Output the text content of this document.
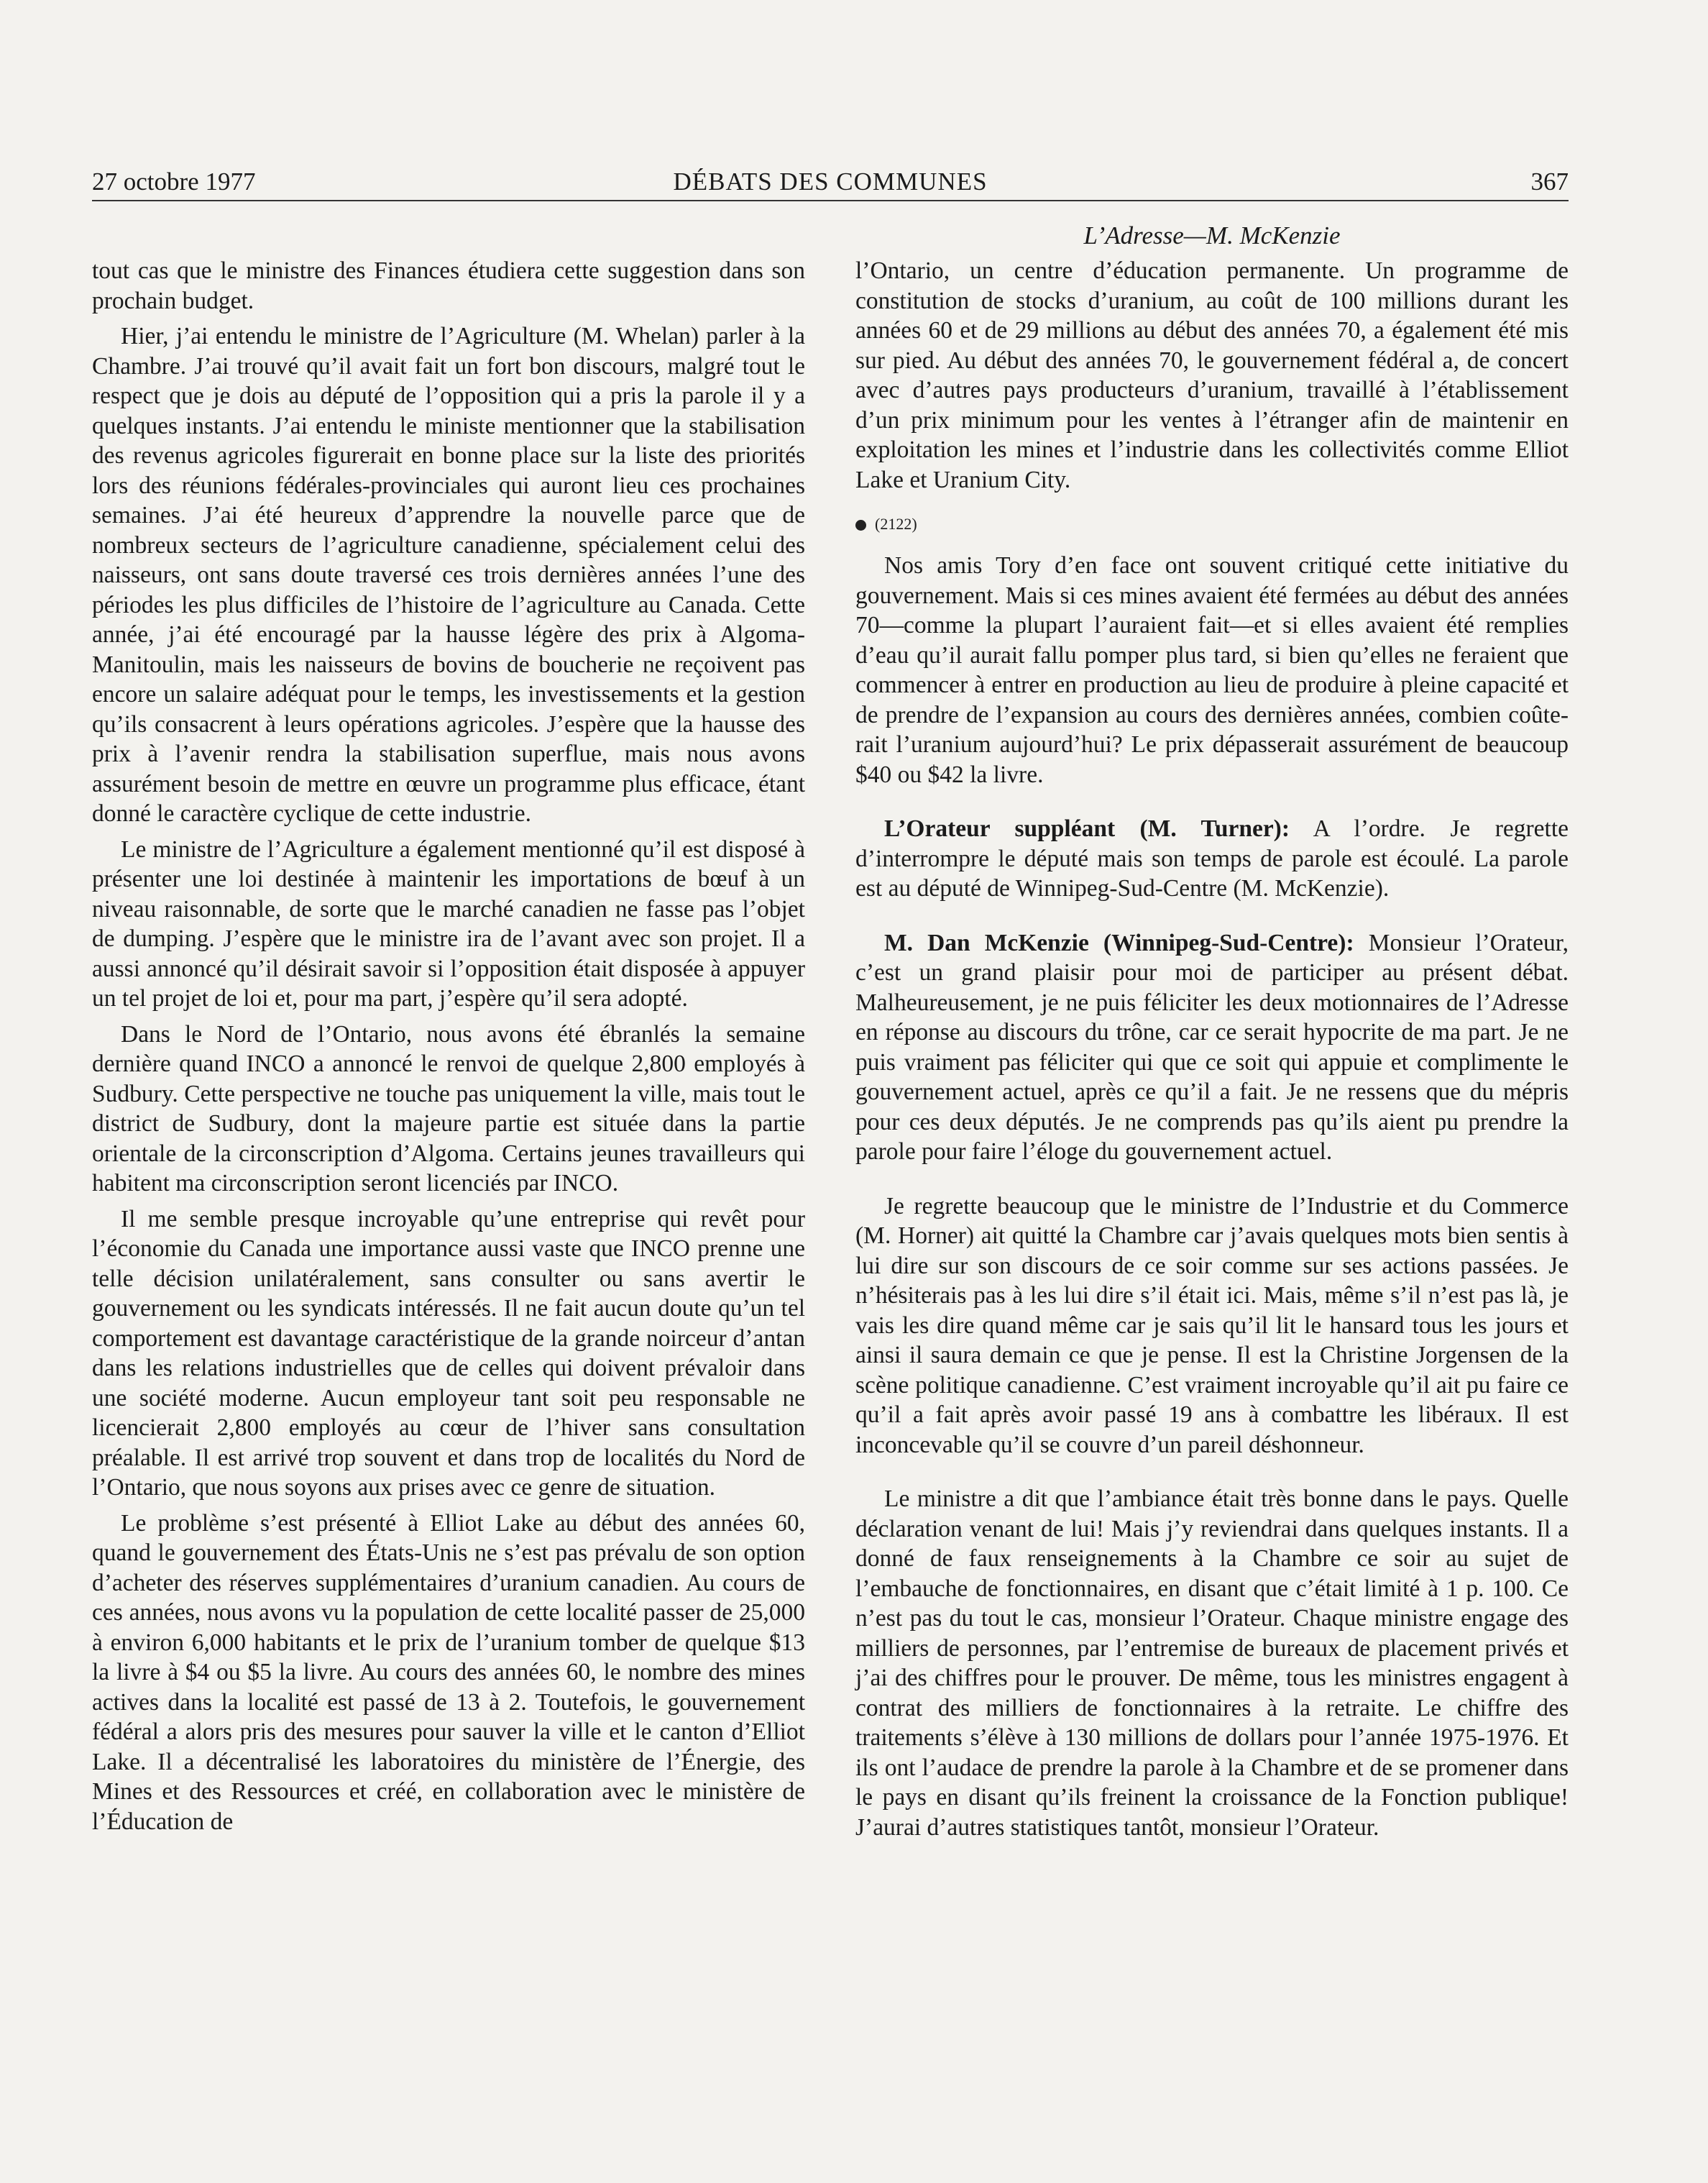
27 octobre 1977	DÉBATS DES COMMUNES	367
L’Adresse—M. McKenzie

tout cas que le ministre des Finances étudiera cette suggestion dans son prochain budget.

Hier, j’ai entendu le ministre de l’Agriculture (M. Whelan) parler à la Chambre. J’ai trouvé qu’il avait fait un fort bon discours, malgré tout le respect que je dois au député de l’opposition qui a pris la parole il y a quelques instants. J’ai entendu le ministe mentionner que la stabilisation des revenus agricoles figurerait en bonne place sur la liste des priorités lors des réunions fédérales-provinciales qui auront lieu ces prochaines semaines. J’ai été heureux d’apprendre la nouvelle parce que de nombreux secteurs de l’agriculture canadienne, spécialement celui des naisseurs, ont sans doute traversé ces trois dernières années l’une des périodes les plus difficiles de l’histoire de l’agriculture au Canada. Cette année, j’ai été encouragé par la hausse légère des prix à Algoma-Manitoulin, mais les naisseurs de bovins de boucherie ne reçoivent pas encore un salaire adéquat pour le temps, les investissements et la gestion qu’ils consacrent à leurs opérations agricoles. J’espère que la hausse des prix à l’avenir rendra la stabilisation superflue, mais nous avons assurément besoin de mettre en œuvre un programme plus efficace, étant donné le caractère cyclique de cette industrie.

Le ministre de l’Agriculture a également mentionné qu’il est disposé à présenter une loi destinée à maintenir les importations de bœuf à un niveau raisonnable, de sorte que le marché canadien ne fasse pas l’objet de dumping. J’espère que le ministre ira de l’avant avec son projet. Il a aussi annoncé qu’il désirait savoir si l’opposition était disposée à appuyer un tel projet de loi et, pour ma part, j’espère qu’il sera adopté.

Dans le Nord de l’Ontario, nous avons été ébranlés la semaine dernière quand INCO a annoncé le renvoi de quelque 2,800 employés à Sudbury. Cette perspective ne touche pas uniquement la ville, mais tout le district de Sudbury, dont la majeure partie est située dans la partie orientale de la circonscription d’Algoma. Certains jeunes travailleurs qui habitent ma circonscription seront licenciés par INCO.

Il me semble presque incroyable qu’une entreprise qui revêt pour l’économie du Canada une importance aussi vaste que INCO prenne une telle décision unilatéralement, sans consulter ou sans avertir le gouvernement ou les syndicats intéressés. Il ne fait aucun doute qu’un tel comportement est davantage caractéristique de la grande noirceur d’antan dans les relations industrielles que de celles qui doivent prévaloir dans une société moderne. Aucun employeur tant soit peu responsable ne licencierait 2,800 employés au cœur de l’hiver sans consultation préalable. Il est arrivé trop souvent et dans trop de localités du Nord de l’Ontario, que nous soyons aux prises avec ce genre de situation.

Le problème s’est présenté à Elliot Lake au début des années 60, quand le gouvernement des États-Unis ne s’est pas prévalu de son option d’acheter des réserves supplémentaires d’uranium canadien. Au cours de ces années, nous avons vu la population de cette localité passer de 25,000 à environ 6,000 habitants et le prix de l’uranium tomber de quelque $13 la livre à $4 ou $5 la livre. Au cours des années 60, le nombre des mines actives dans la localité est passé de 13 à 2. Toutefois, le gouvernement fédéral a alors pris des mesures pour sauver la ville et le canton d’Elliot Lake. Il a décentralisé les laboratoires du ministère de l’Énergie, des Mines et des Ressources et créé, en collaboration avec le ministère de l’Éducation de

l’Ontario, un centre d’éducation permanente. Un programme de constitution de stocks d’uranium, au coût de 100 millions durant les années 60 et de 29 millions au début des années 70, a également été mis sur pied. Au début des années 70, le gouvernement fédéral a, de concert avec d’autres pays producteurs d’uranium, travaillé à l’établissement d’un prix minimum pour les ventes à l’étranger afin de maintenir en exploitation les mines et l’industrie dans les collectivités comme Elliot Lake et Uranium City.

(2122)

Nos amis Tory d’en face ont souvent critiqué cette initiative du gouvernement. Mais si ces mines avaient été fermées au début des années 70—comme la plupart l’auraient fait—et si elles avaient été remplies d’eau qu’il aurait fallu pomper plus tard, si bien qu’elles ne feraient que commencer à entrer en production au lieu de produire à pleine capacité et de prendre de l’expansion au cours des dernières années, combien coûterait l’uranium aujourd’hui? Le prix dépasserait assurément de beaucoup $40 ou $42 la livre.

L’Orateur suppléant (M. Turner): A l’ordre. Je regrette d’interrompre le député mais son temps de parole est écoulé. La parole est au député de Winnipeg-Sud-Centre (M. McKenzie).

M. Dan McKenzie (Winnipeg-Sud-Centre): Monsieur l’Orateur, c’est un grand plaisir pour moi de participer au présent débat. Malheureusement, je ne puis féliciter les deux motionnaires de l’Adresse en réponse au discours du trône, car ce serait hypocrite de ma part. Je ne puis vraiment pas féliciter qui que ce soit qui appuie et complimente le gouvernement actuel, après ce qu’il a fait. Je ne ressens que du mépris pour ces deux députés. Je ne comprends pas qu’ils aient pu prendre la parole pour faire l’éloge du gouvernement actuel.

Je regrette beaucoup que le ministre de l’Industrie et du Commerce (M. Horner) ait quitté la Chambre car j’avais quelques mots bien sentis à lui dire sur son discours de ce soir comme sur ses actions passées. Je n’hésiterais pas à les lui dire s’il était ici. Mais, même s’il n’est pas là, je vais les dire quand même car je sais qu’il lit le hansard tous les jours et ainsi il saura demain ce que je pense. Il est la Christine Jorgensen de la scène politique canadienne. C’est vraiment incroyable qu’il ait pu faire ce qu’il a fait après avoir passé 19 ans à combattre les libéraux. Il est inconcevable qu’il se couvre d’un pareil déshonneur.

Le ministre a dit que l’ambiance était très bonne dans le pays. Quelle déclaration venant de lui! Mais j’y reviendrai dans quelques instants. Il a donné de faux renseignements à la Chambre ce soir au sujet de l’embauche de fonctionnaires, en disant que c’était limité à 1 p. 100. Ce n’est pas du tout le cas, monsieur l’Orateur. Chaque ministre engage des milliers de personnes, par l’entremise de bureaux de placement privés et j’ai des chiffres pour le prouver. De même, tous les ministres engagent à contrat des milliers de fonctionnaires à la retraite. Le chiffre des traitements s’élève à 130 millions de dollars pour l’année 1975-1976. Et ils ont l’audace de prendre la parole à la Chambre et de se promener dans le pays en disant qu’ils freinent la croissance de la Fonction publique! J’aurai d’autres statistiques tantôt, monsieur l’Orateur.
